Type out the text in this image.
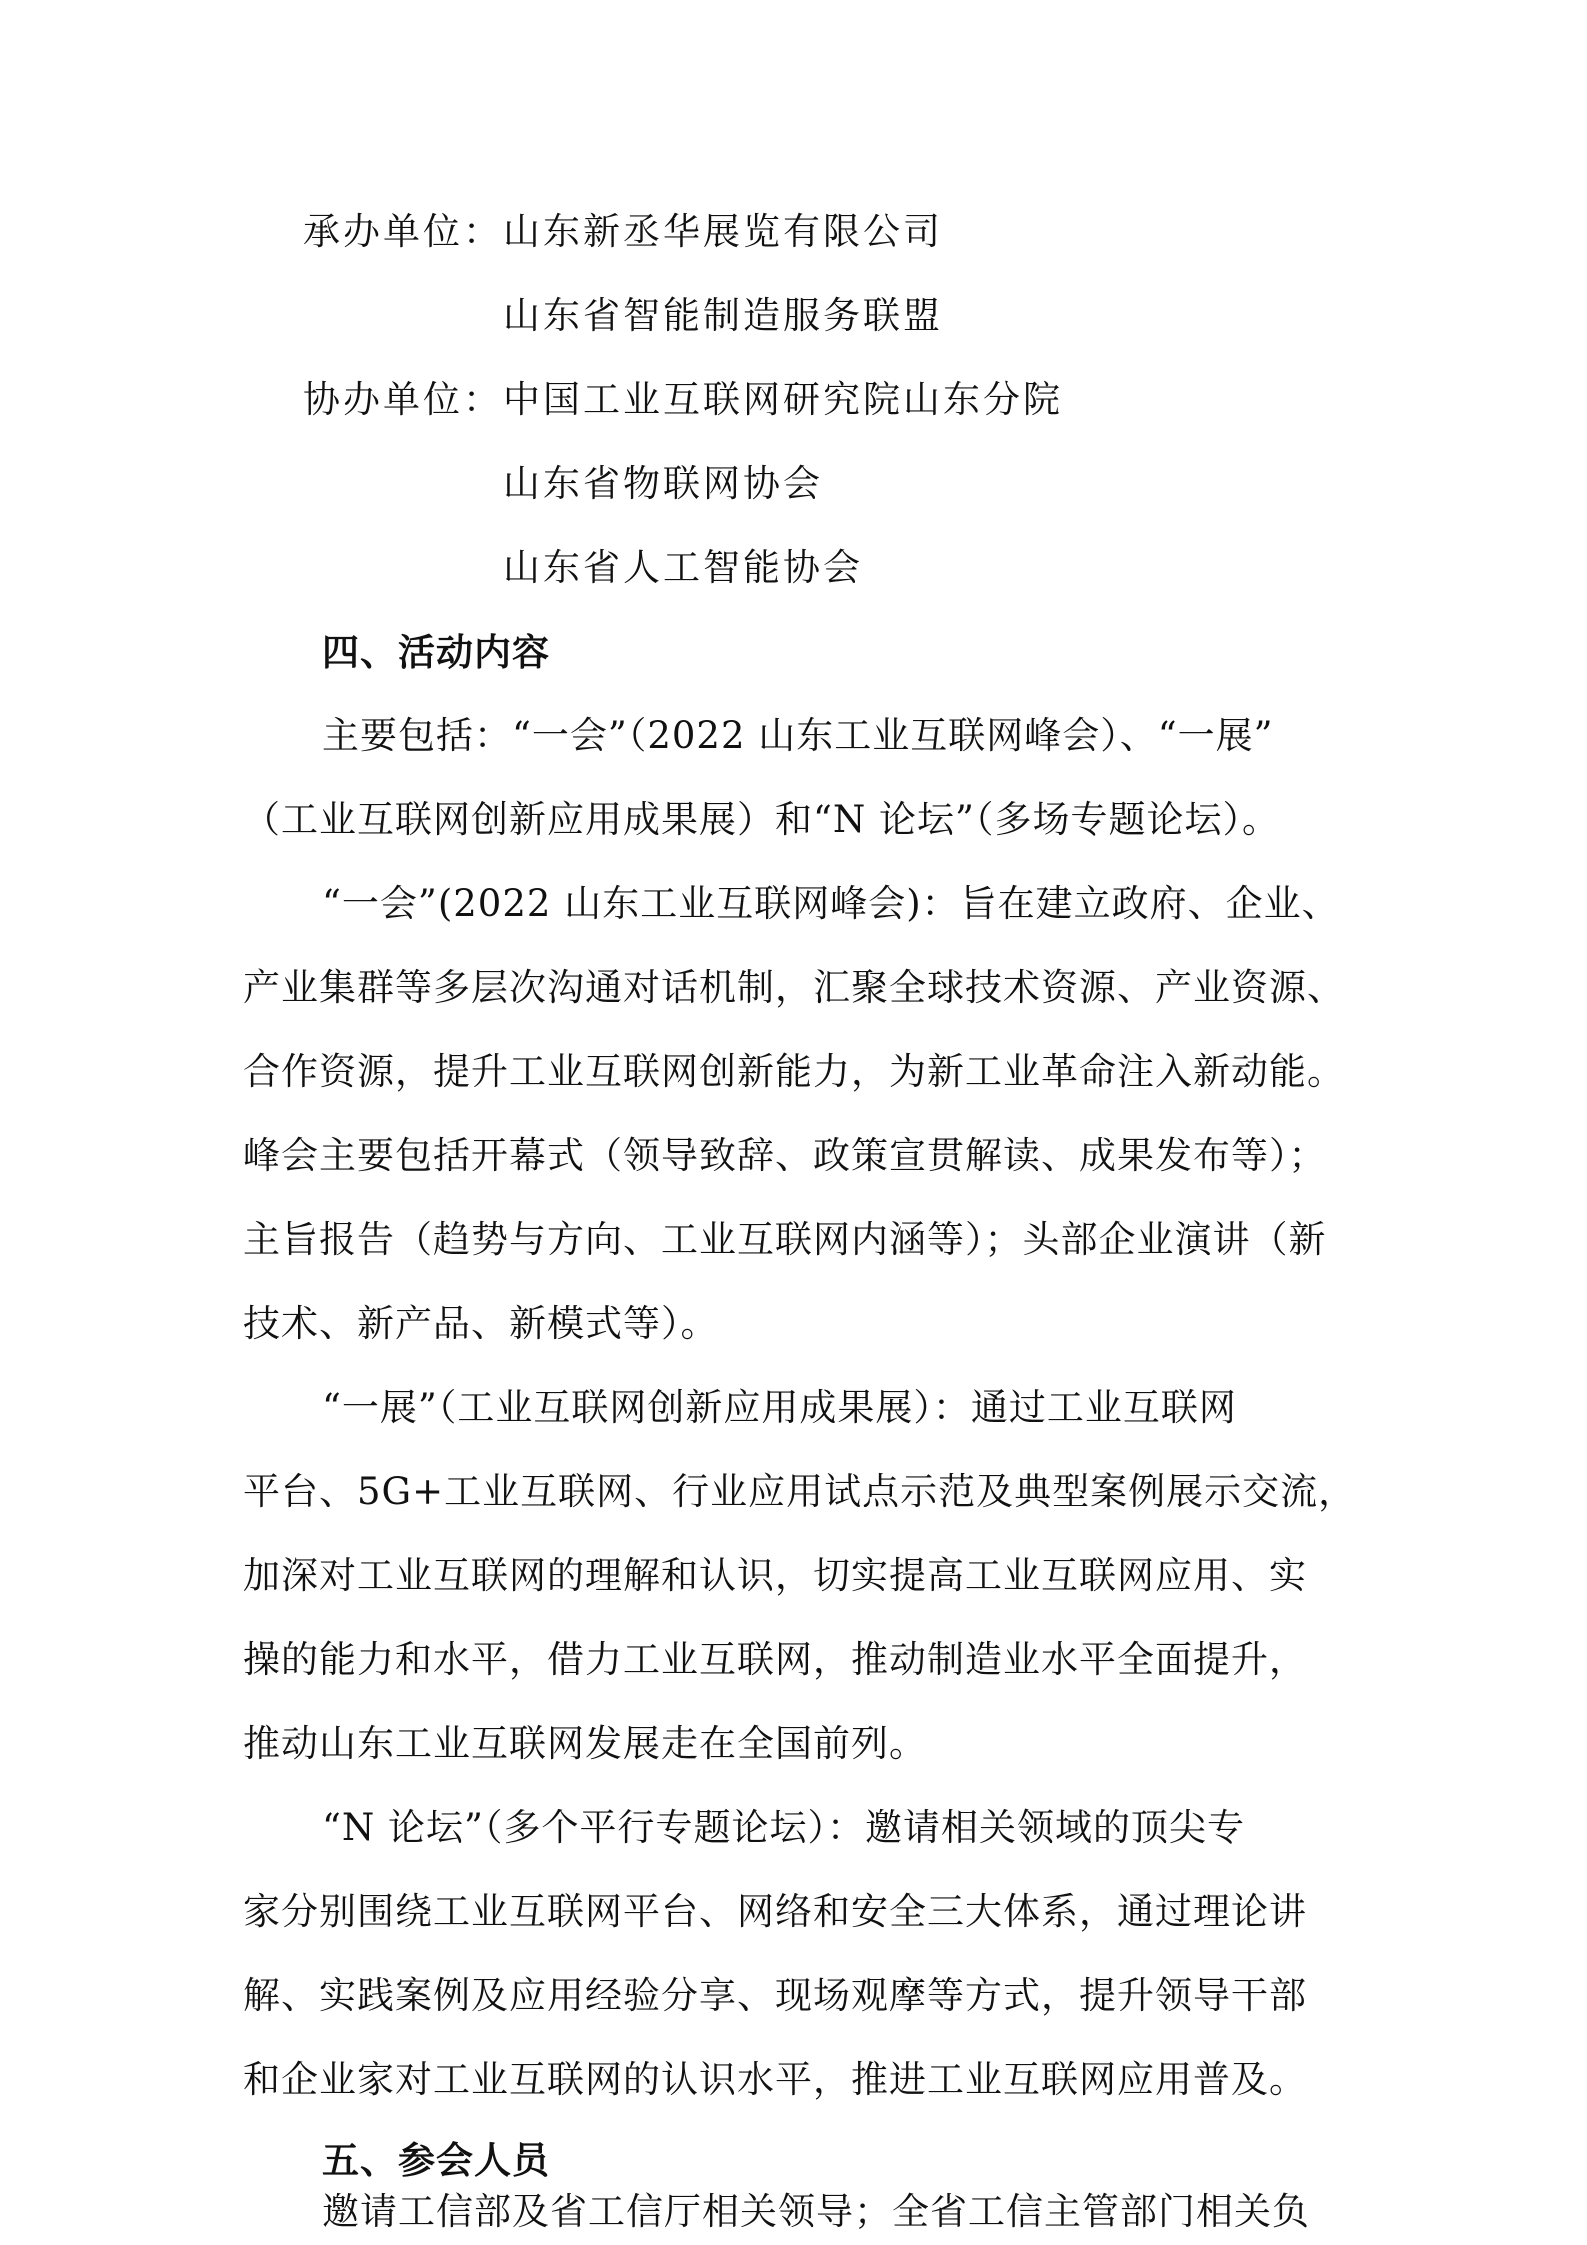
承办单位：山东新丞华展览有限公司
山东省智能制造服务联盟
协办单位：中国工业互联网研究院山东分院
山东省物联网协会
山东省人工智能协会
四、活动内容
主要包括：“一会”（2022 山东工业互联网峰会）、“一展”
（工业互联网创新应用成果展）和“N 论坛”（多场专题论坛）。
“一会”(2022 山东工业互联网峰会)：旨在建立政府、企业、
产业集群等多层次沟通对话机制，汇聚全球技术资源、产业资源、
合作资源，提升工业互联网创新能力，为新工业革命注入新动能。
峰会主要包括开幕式（领导致辞、政策宣贯解读、成果发布等）；
主旨报告（趋势与方向、工业互联网内涵等）；头部企业演讲（新
技术、新产品、新模式等）。
“一展”（工业互联网创新应用成果展）：通过工业互联网
平台、5G+工业互联网、行业应用试点示范及典型案例展示交流，
加深对工业互联网的理解和认识，切实提高工业互联网应用、实
操的能力和水平，借力工业互联网，推动制造业水平全面提升，
推动山东工业互联网发展走在全国前列。
“N 论坛”（多个平行专题论坛）：邀请相关领域的顶尖专
家分别围绕工业互联网平台、网络和安全三大体系，通过理论讲
解、实践案例及应用经验分享、现场观摩等方式，提升领导干部
和企业家对工业互联网的认识水平，推进工业互联网应用普及。
五、参会人员
邀请工信部及省工信厅相关领导；全省工信主管部门相关负
